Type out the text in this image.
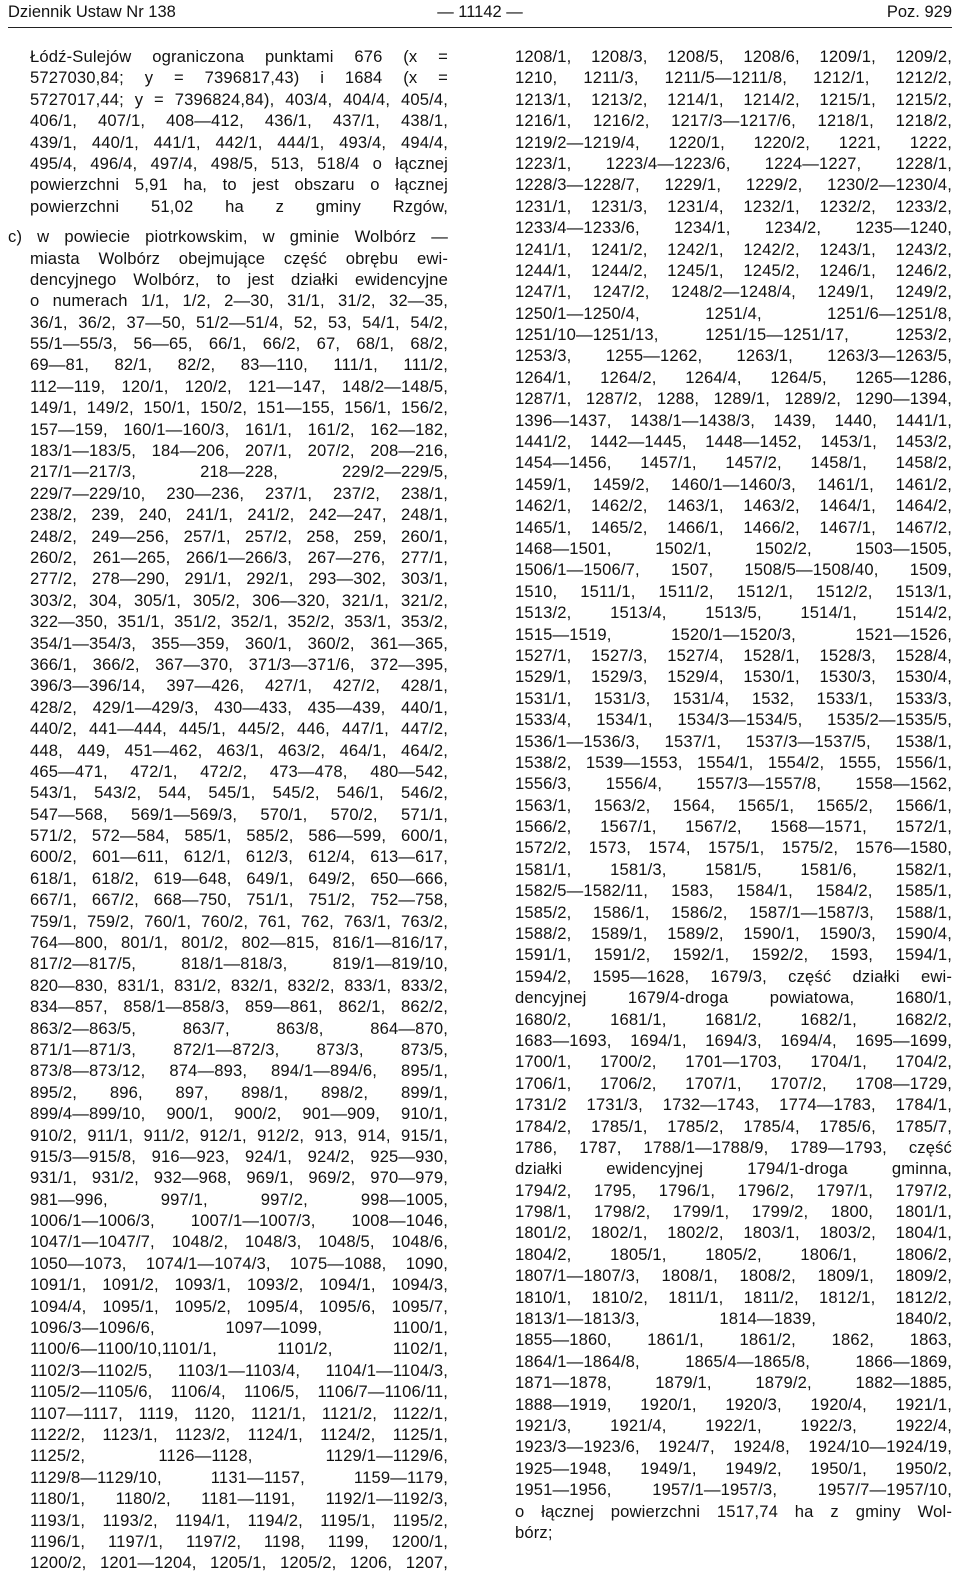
Dziennik Ustaw Nr 138	— 11142 —	Poz. 929
Łódź-Sulejów ograniczona punktami 676 (x =
5727030,84; y = 7396817,43) i 1684 (x =
5727017,44; y = 7396824,84), 403/4, 404/4, 405/4,
406/1, 407/1, 408—412, 436/1, 437/1, 438/1,
439/1, 440/1, 441/1, 442/1, 444/1, 493/4, 494/4,
495/4, 496/4, 497/4, 498/5, 513, 518/4 o łącznej
powierzchni 5,91 ha, to jest obszaru o łącznej
powierzchni 51,02 ha z gminy Rzgów,
c) w powiecie piotrkowskim, w gminie Wolbórz —
miasta Wolbórz obejmujące część obrębu ewi-
dencyjnego Wolbórz, to jest działki ewidencyjne
o numerach 1/1, 1/2, 2—30, 31/1, 31/2, 32—35,
36/1, 36/2, 37—50, 51/2—51/4, 52, 53, 54/1, 54/2,
55/1—55/3, 56—65, 66/1, 66/2, 67, 68/1, 68/2,
69—81, 82/1, 82/2, 83—110, 111/1, 111/2,
112—119, 120/1, 120/2, 121—147, 148/2—148/5,
149/1, 149/2, 150/1, 150/2, 151—155, 156/1, 156/2,
157—159, 160/1—160/3, 161/1, 161/2, 162—182,
183/1—183/5, 184—206, 207/1, 207/2, 208—216,
217/1—217/3, 218—228, 229/2—229/5,
229/7—229/10, 230—236, 237/1, 237/2, 238/1,
238/2, 239, 240, 241/1, 241/2, 242—247, 248/1,
248/2, 249—256, 257/1, 257/2, 258, 259, 260/1,
260/2, 261—265, 266/1—266/3, 267—276, 277/1,
277/2, 278—290, 291/1, 292/1, 293—302, 303/1,
303/2, 304, 305/1, 305/2, 306—320, 321/1, 321/2,
322—350, 351/1, 351/2, 352/1, 352/2, 353/1, 353/2,
354/1—354/3, 355—359, 360/1, 360/2, 361—365,
366/1, 366/2, 367—370, 371/3—371/6, 372—395,
396/3—396/14, 397—426, 427/1, 427/2, 428/1,
428/2, 429/1—429/3, 430—433, 435—439, 440/1,
440/2, 441—444, 445/1, 445/2, 446, 447/1, 447/2,
448, 449, 451—462, 463/1, 463/2, 464/1, 464/2,
465—471, 472/1, 472/2, 473—478, 480—542,
543/1, 543/2, 544, 545/1, 545/2, 546/1, 546/2,
547—568, 569/1—569/3, 570/1, 570/2, 571/1,
571/2, 572—584, 585/1, 585/2, 586—599, 600/1,
600/2, 601—611, 612/1, 612/3, 612/4, 613—617,
618/1, 618/2, 619—648, 649/1, 649/2, 650—666,
667/1, 667/2, 668—750, 751/1, 751/2, 752—758,
759/1, 759/2, 760/1, 760/2, 761, 762, 763/1, 763/2,
764—800, 801/1, 801/2, 802—815, 816/1—816/17,
817/2—817/5, 818/1—818/3, 819/1—819/10,
820—830, 831/1, 831/2, 832/1, 832/2, 833/1, 833/2,
834—857, 858/1—858/3, 859—861, 862/1, 862/2,
863/2—863/5, 863/7, 863/8, 864—870,
871/1—871/3, 872/1—872/3, 873/3, 873/5,
873/8—873/12, 874—893, 894/1—894/6, 895/1,
895/2, 896, 897, 898/1, 898/2, 899/1,
899/4—899/10, 900/1, 900/2, 901—909, 910/1,
910/2, 911/1, 911/2, 912/1, 912/2, 913, 914, 915/1,
915/3—915/8, 916—923, 924/1, 924/2, 925—930,
931/1, 931/2, 932—968, 969/1, 969/2, 970—979,
981—996, 997/1, 997/2, 998—1005,
1006/1—1006/3, 1007/1—1007/3, 1008—1046,
1047/1—1047/7, 1048/2, 1048/3, 1048/5, 1048/6,
1050—1073, 1074/1—1074/3, 1075—1088, 1090,
1091/1, 1091/2, 1093/1, 1093/2, 1094/1, 1094/3,
1094/4, 1095/1, 1095/2, 1095/4, 1095/6, 1095/7,
1096/3—1096/6, 1097—1099, 1100/1,
1100/6—1100/10,1101/1, 1101/2, 1102/1,
1102/3—1102/5, 1103/1—1103/4, 1104/1—1104/3,
1105/2—1105/6, 1106/4, 1106/5, 1106/7—1106/11,
1107—1117, 1119, 1120, 1121/1, 1121/2, 1122/1,
1122/2, 1123/1, 1123/2, 1124/1, 1124/2, 1125/1,
1125/2, 1126—1128, 1129/1—1129/6,
1129/8—1129/10, 1131—1157, 1159—1179,
1180/1, 1180/2, 1181—1191, 1192/1—1192/3,
1193/1, 1193/2, 1194/1, 1194/2, 1195/1, 1195/2,
1196/1, 1197/1, 1197/2, 1198, 1199, 1200/1,
1200/2, 1201—1204, 1205/1, 1205/2, 1206, 1207,
1208/1, 1208/3, 1208/5, 1208/6, 1209/1, 1209/2,
1210, 1211/3, 1211/5—1211/8, 1212/1, 1212/2,
1213/1, 1213/2, 1214/1, 1214/2, 1215/1, 1215/2,
1216/1, 1216/2, 1217/3—1217/6, 1218/1, 1218/2,
1219/2—1219/4, 1220/1, 1220/2, 1221, 1222,
1223/1, 1223/4—1223/6, 1224—1227, 1228/1,
1228/3—1228/7, 1229/1, 1229/2, 1230/2—1230/4,
1231/1, 1231/3, 1231/4, 1232/1, 1232/2, 1233/2,
1233/4—1233/6, 1234/1, 1234/2, 1235—1240,
1241/1, 1241/2, 1242/1, 1242/2, 1243/1, 1243/2,
1244/1, 1244/2, 1245/1, 1245/2, 1246/1, 1246/2,
1247/1, 1247/2, 1248/2—1248/4, 1249/1, 1249/2,
1250/1—1250/4, 1251/4, 1251/6—1251/8,
1251/10—1251/13, 1251/15—1251/17, 1253/2,
1253/3, 1255—1262, 1263/1, 1263/3—1263/5,
1264/1, 1264/2, 1264/4, 1264/5, 1265—1286,
1287/1, 1287/2, 1288, 1289/1, 1289/2, 1290—1394,
1396—1437, 1438/1—1438/3, 1439, 1440, 1441/1,
1441/2, 1442—1445, 1448—1452, 1453/1, 1453/2,
1454—1456, 1457/1, 1457/2, 1458/1, 1458/2,
1459/1, 1459/2, 1460/1—1460/3, 1461/1, 1461/2,
1462/1, 1462/2, 1463/1, 1463/2, 1464/1, 1464/2,
1465/1, 1465/2, 1466/1, 1466/2, 1467/1, 1467/2,
1468—1501, 1502/1, 1502/2, 1503—1505,
1506/1—1506/7, 1507, 1508/5—1508/40, 1509,
1510, 1511/1, 1511/2, 1512/1, 1512/2, 1513/1,
1513/2, 1513/4, 1513/5, 1514/1, 1514/2,
1515—1519, 1520/1—1520/3, 1521—1526,
1527/1, 1527/3, 1527/4, 1528/1, 1528/3, 1528/4,
1529/1, 1529/3, 1529/4, 1530/1, 1530/3, 1530/4,
1531/1, 1531/3, 1531/4, 1532, 1533/1, 1533/3,
1533/4, 1534/1, 1534/3—1534/5, 1535/2—1535/5,
1536/1—1536/3, 1537/1, 1537/3—1537/5, 1538/1,
1538/2, 1539—1553, 1554/1, 1554/2, 1555, 1556/1,
1556/3, 1556/4, 1557/3—1557/8, 1558—1562,
1563/1, 1563/2, 1564, 1565/1, 1565/2, 1566/1,
1566/2, 1567/1, 1567/2, 1568—1571, 1572/1,
1572/2, 1573, 1574, 1575/1, 1575/2, 1576—1580,
1581/1, 1581/3, 1581/5, 1581/6, 1582/1,
1582/5—1582/11, 1583, 1584/1, 1584/2, 1585/1,
1585/2, 1586/1, 1586/2, 1587/1—1587/3, 1588/1,
1588/2, 1589/1, 1589/2, 1590/1, 1590/3, 1590/4,
1591/1, 1591/2, 1592/1, 1592/2, 1593, 1594/1,
1594/2, 1595—1628, 1679/3, część działki ewi-
dencyjnej 1679/4-droga powiatowa, 1680/1,
1680/2, 1681/1, 1681/2, 1682/1, 1682/2,
1683—1693, 1694/1, 1694/3, 1694/4, 1695—1699,
1700/1, 1700/2, 1701—1703, 1704/1, 1704/2,
1706/1, 1706/2, 1707/1, 1707/2, 1708—1729,
1731/2 1731/3, 1732—1743, 1774—1783, 1784/1,
1784/2, 1785/1, 1785/2, 1785/4, 1785/6, 1785/7,
1786, 1787, 1788/1—1788/9, 1789—1793, część
działki ewidencyjnej 1794/1-droga gminna,
1794/2, 1795, 1796/1, 1796/2, 1797/1, 1797/2,
1798/1, 1798/2, 1799/1, 1799/2, 1800, 1801/1,
1801/2, 1802/1, 1802/2, 1803/1, 1803/2, 1804/1,
1804/2, 1805/1, 1805/2, 1806/1, 1806/2,
1807/1—1807/3, 1808/1, 1808/2, 1809/1, 1809/2,
1810/1, 1810/2, 1811/1, 1811/2, 1812/1, 1812/2,
1813/1—1813/3, 1814—1839, 1840/2,
1855—1860, 1861/1, 1861/2, 1862, 1863,
1864/1—1864/8, 1865/4—1865/8, 1866—1869,
1871—1878, 1879/1, 1879/2, 1882—1885,
1888—1919, 1920/1, 1920/3, 1920/4, 1921/1,
1921/3, 1921/4, 1922/1, 1922/3, 1922/4,
1923/3—1923/6, 1924/7, 1924/8, 1924/10—1924/19,
1925—1948, 1949/1, 1949/2, 1950/1, 1950/2,
1951—1956, 1957/1—1957/3, 1957/7—1957/10,
o łącznej powierzchni 1517,74 ha z gminy Wol-
bórz;
